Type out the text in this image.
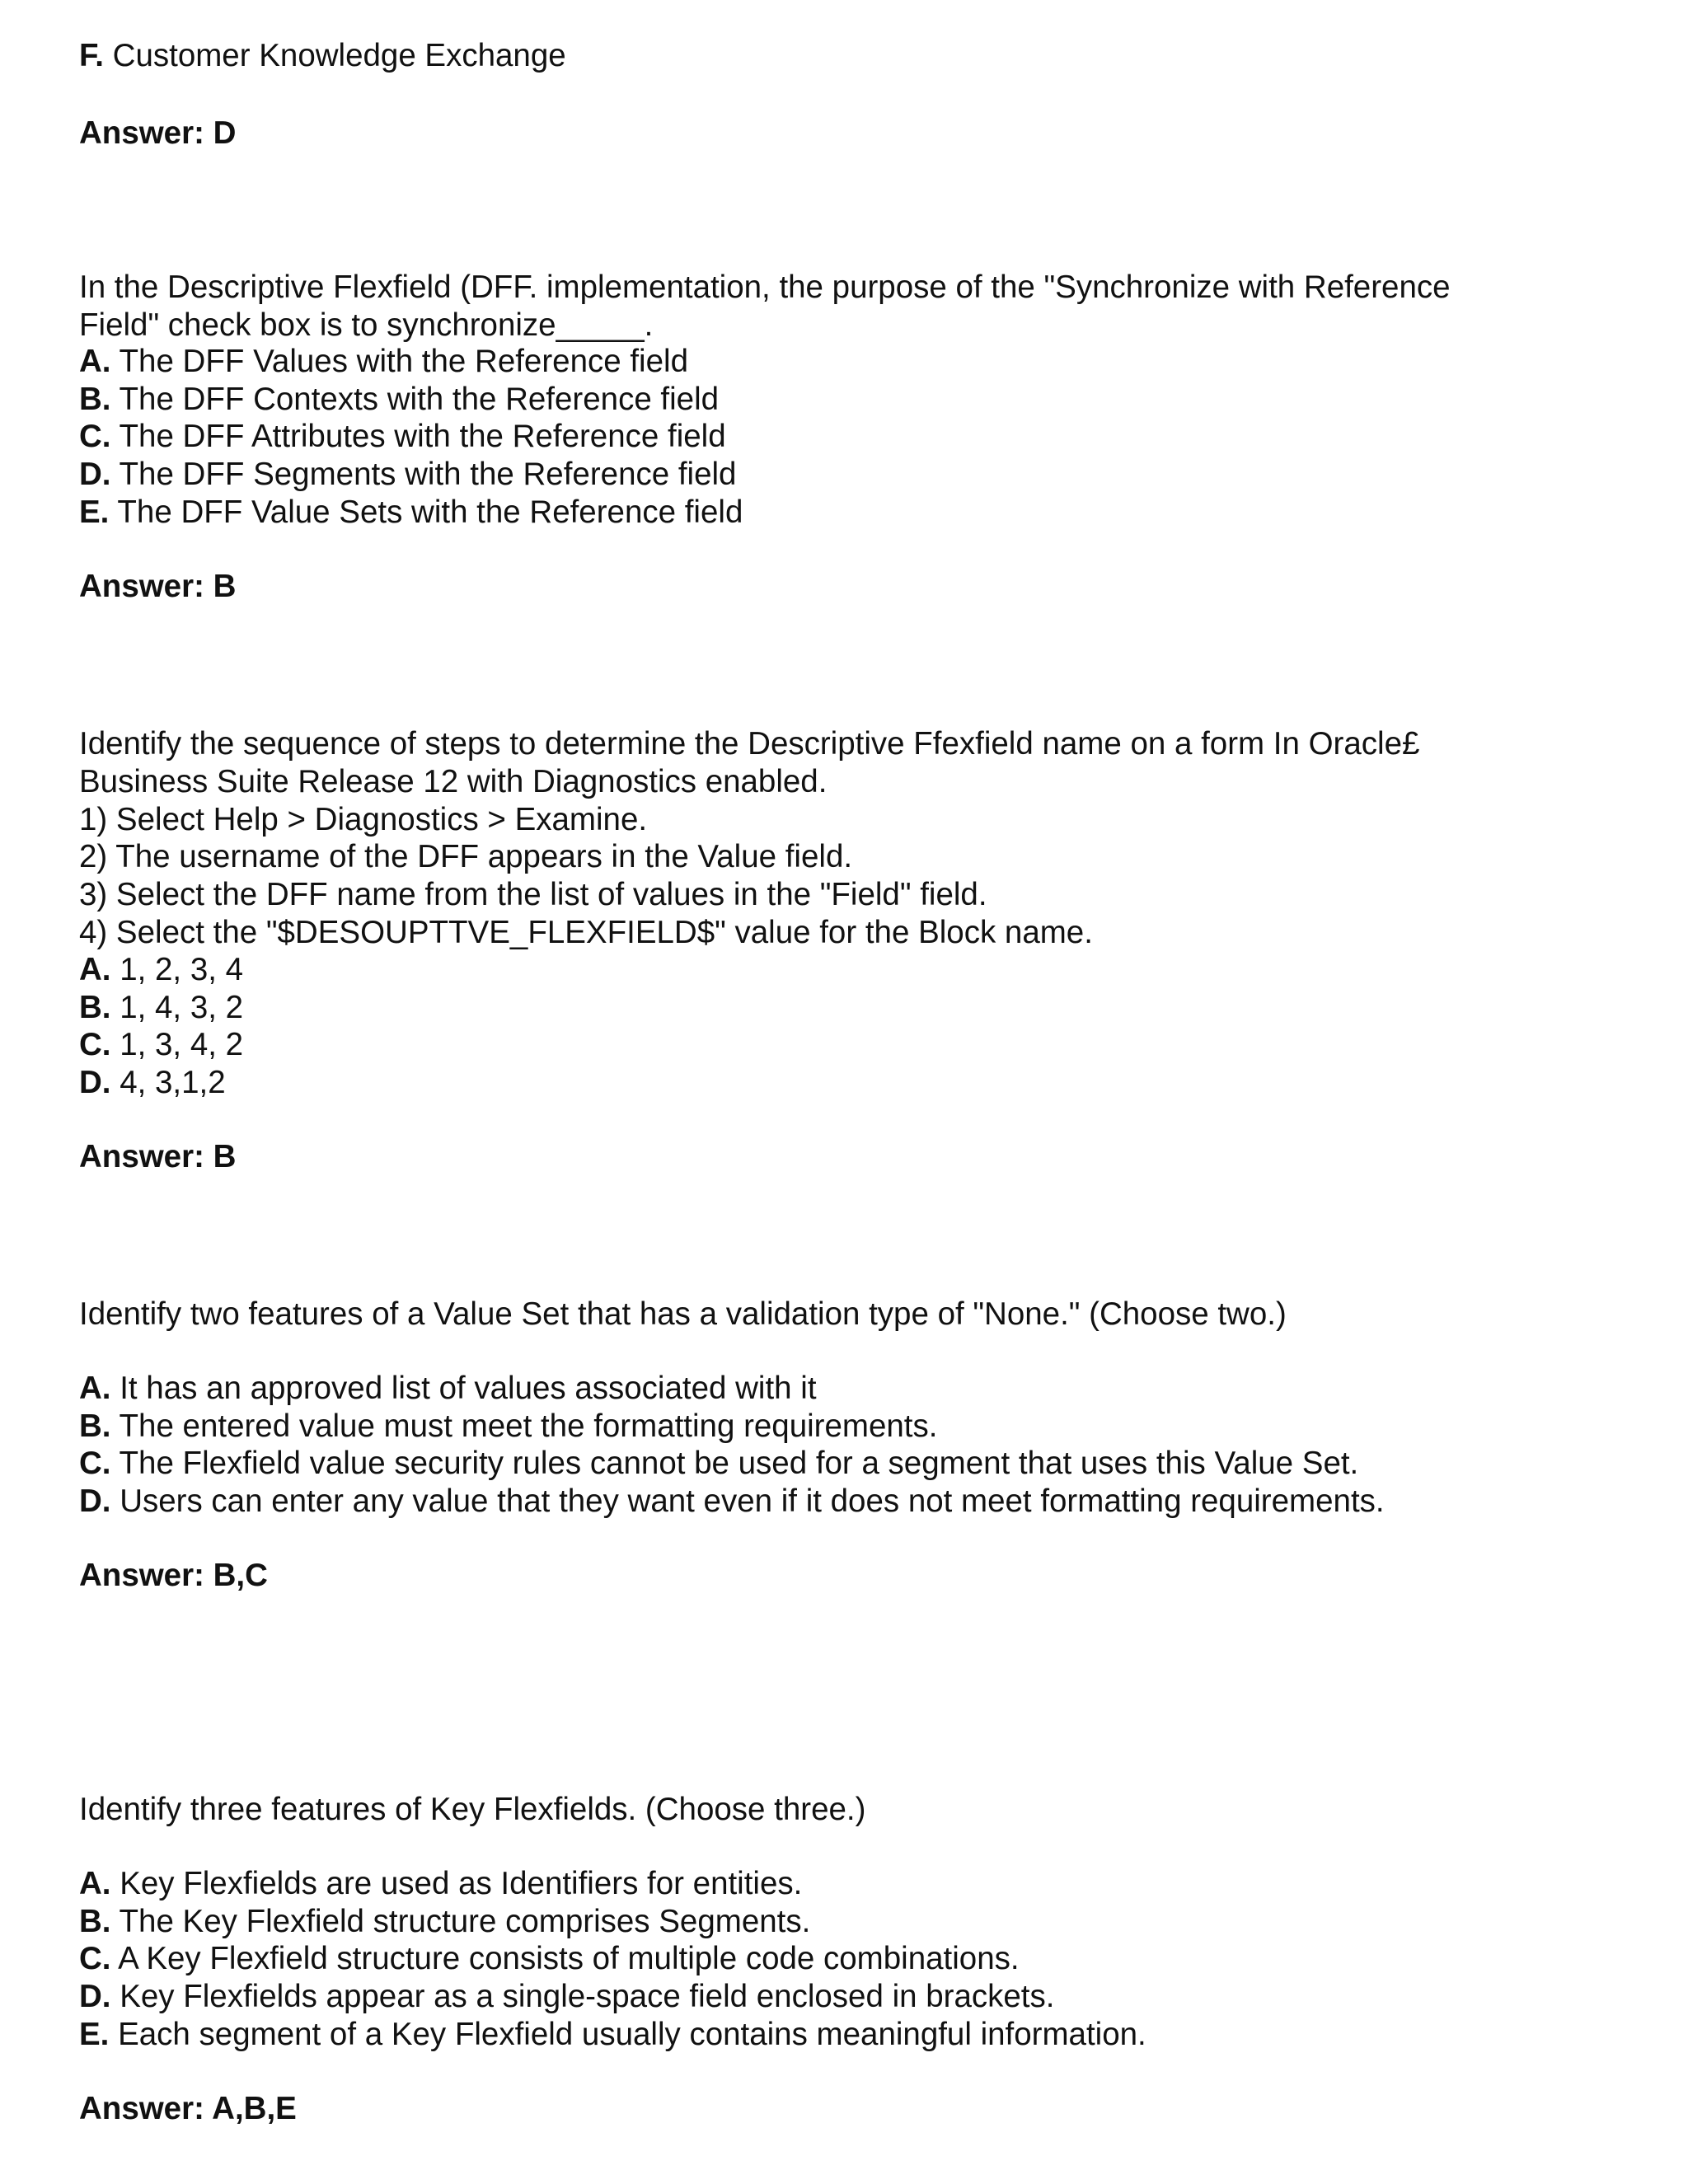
F. Customer Knowledge Exchange
Answer: D
In the Descriptive Flexfield (DFF. implementation, the purpose of the "Synchronize with Reference
Field" check box is to synchronize_____.
A. The DFF Values with the Reference field
B. The DFF Contexts with the Reference field
C. The DFF Attributes with the Reference field
D. The DFF Segments with the Reference field
E. The DFF Value Sets with the Reference field
Answer: B
Identify the sequence of steps to determine the Descriptive Ffexfield name on a form In Oracle£
Business Suite Release 12 with Diagnostics enabled.
1) Select Help > Diagnostics > Examine.
2) The username of the DFF appears in the Value field.
3) Select the DFF name from the list of values in the "Field" field.
4) Select the "$DESOUPTTVE_FLEXFIELD$" value for the Block name.
A. 1, 2, 3, 4
B. 1, 4, 3, 2
C. 1, 3, 4, 2
D. 4, 3,1,2
Answer: B
Identify two features of a Value Set that has a validation type of "None." (Choose two.)
A. It has an approved list of values associated with it
B. The entered value must meet the formatting requirements.
C. The Flexfield value security rules cannot be used for a segment that uses this Value Set.
D. Users can enter any value that they want even if it does not meet formatting requirements.
Answer: B,C
Identify three features of Key Flexfields. (Choose three.)
A. Key Flexfields are used as Identifiers for entities.
B. The Key Flexfield structure comprises Segments.
C. A Key Flexfield structure consists of multiple code combinations.
D. Key Flexfields appear as a single-space field enclosed in brackets.
E. Each segment of a Key Flexfield usually contains meaningful information.
Answer: A,B,E
